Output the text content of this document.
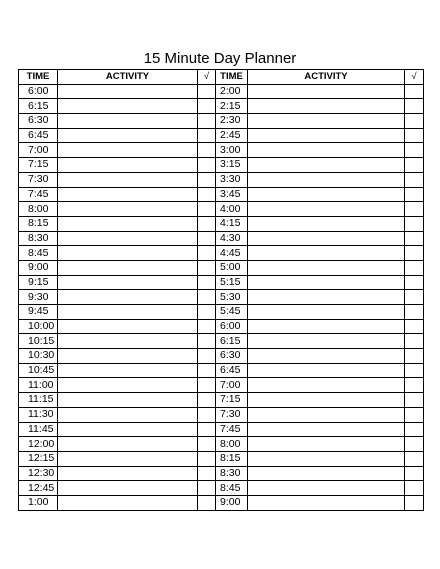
15 Minute Day Planner
TIME	ACTIVITY	√	TIME	ACTIVITY	√
6:00			2:00		
6:15			2:15		
6:30			2:30		
6:45			2:45		
7:00			3:00		
7:15			3:15		
7:30			3:30		
7:45			3:45		
8:00			4:00		
8:15			4:15		
8:30			4:30		
8:45			4:45		
9:00			5:00		
9:15			5:15		
9:30			5:30		
9:45			5:45		
10:00			6:00		
10:15			6:15		
10:30			6:30		
10:45			6:45		
11:00			7:00		
11:15			7:15		
11:30			7:30		
11:45			7:45		
12:00			8:00		
12:15			8:15		
12:30			8:30		
12:45			8:45		
1:00			9:00		
